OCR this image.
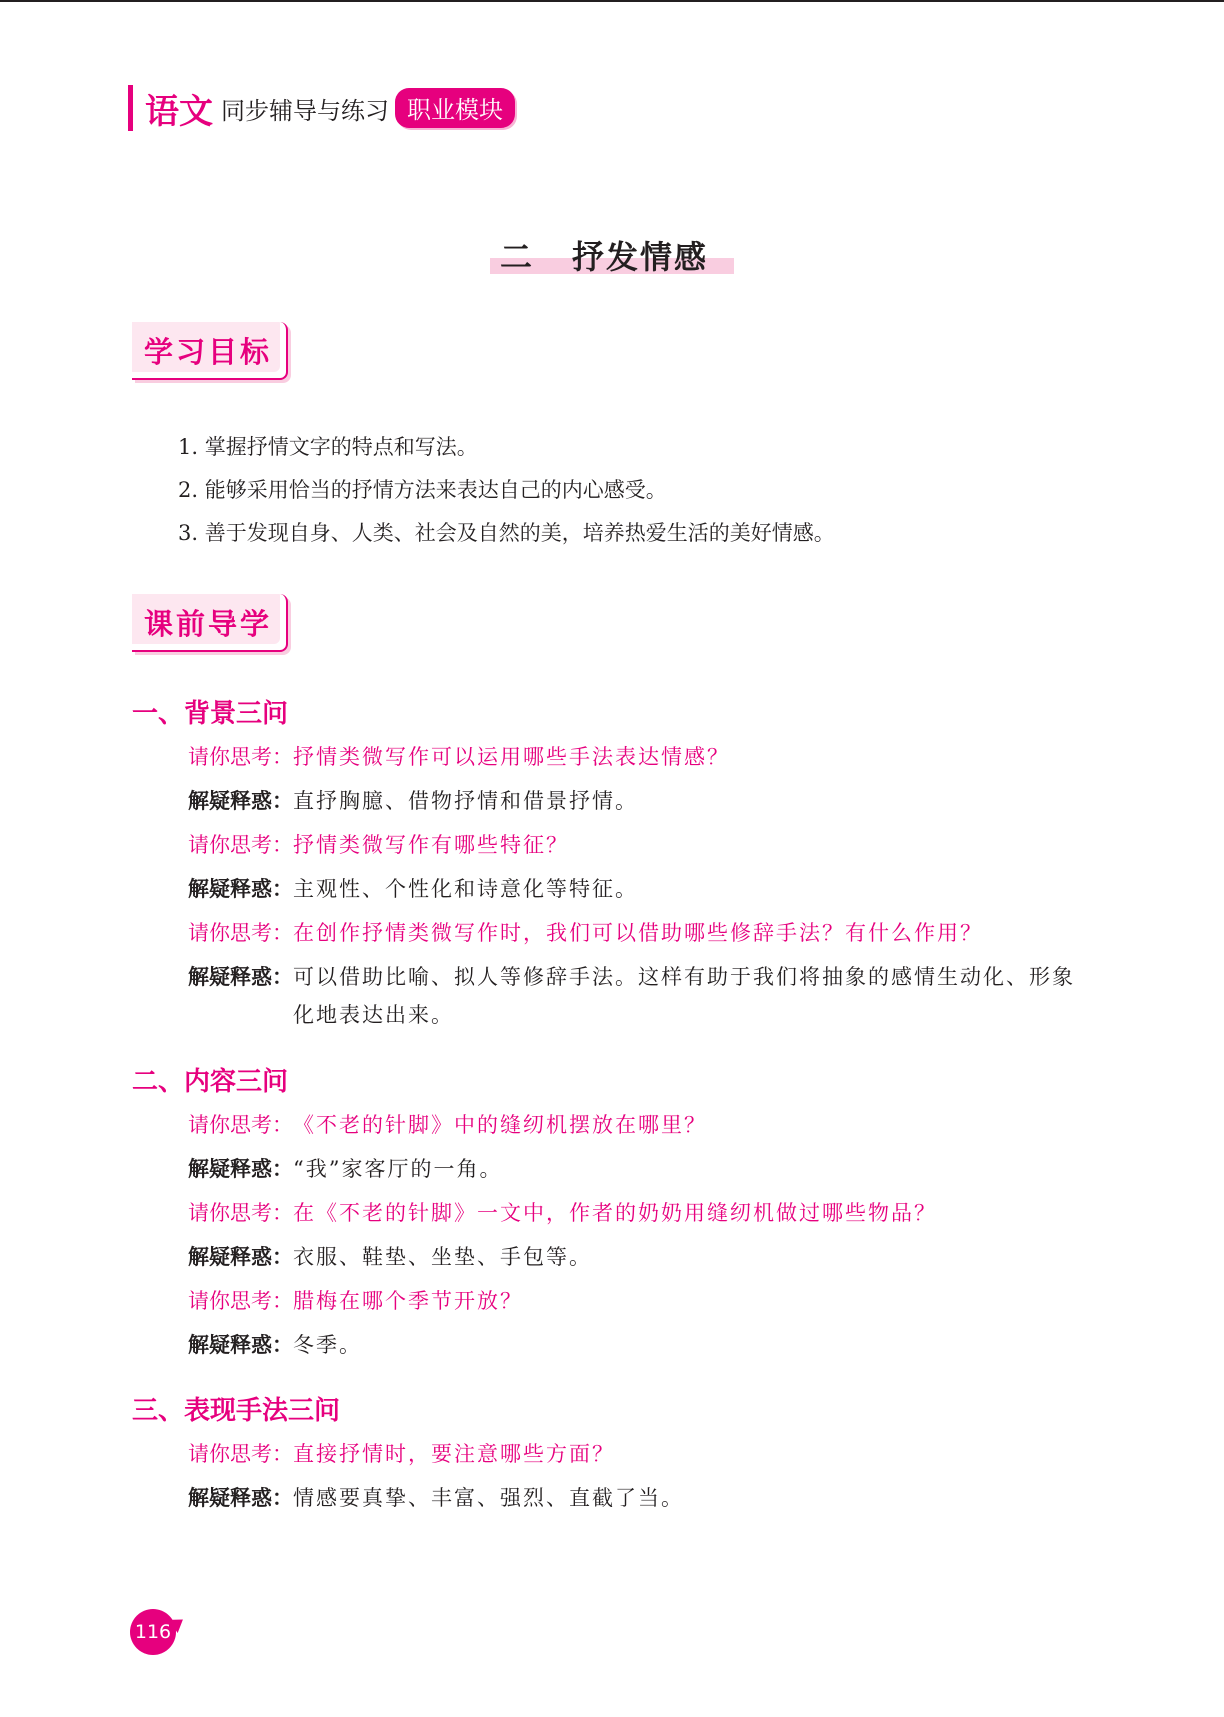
语文 同步辅导与练习 职业模块
二 抒发情感
学习目标
1. 掌握抒情文字的特点和写法。
2. 能够采用恰当的抒情方法来表达自己的内心感受。
3. 善于发现自身、人类、社会及自然的美，培养热爱生活的美好情感。
课前导学
一、背景三问
请你思考： 抒情类微写作可以运用哪些手法表达情感？
解疑释惑： 直抒胸臆、借物抒情和借景抒情。
请你思考： 抒情类微写作有哪些特征？
解疑释惑： 主观性、个性化和诗意化等特征。
请你思考： 在创作抒情类微写作时，我们可以借助哪些修辞手法？有什么作用？
解疑释惑： 可以借助比喻、拟人等修辞手法。这样有助于我们将抽象的感情生动化、形象化地表达出来。
二、内容三问
请你思考： 《不老的针脚》中的缝纫机摆放在哪里？
解疑释惑： “我”家客厅的一角。
请你思考： 在《不老的针脚》一文中，作者的奶奶用缝纫机做过哪些物品？
解疑释惑： 衣服、鞋垫、坐垫、手包等。
请你思考： 腊梅在哪个季节开放？
解疑释惑： 冬季。
三、表现手法三问
请你思考： 直接抒情时，要注意哪些方面？
解疑释惑： 情感要真挚、丰富、强烈、直截了当。
116
